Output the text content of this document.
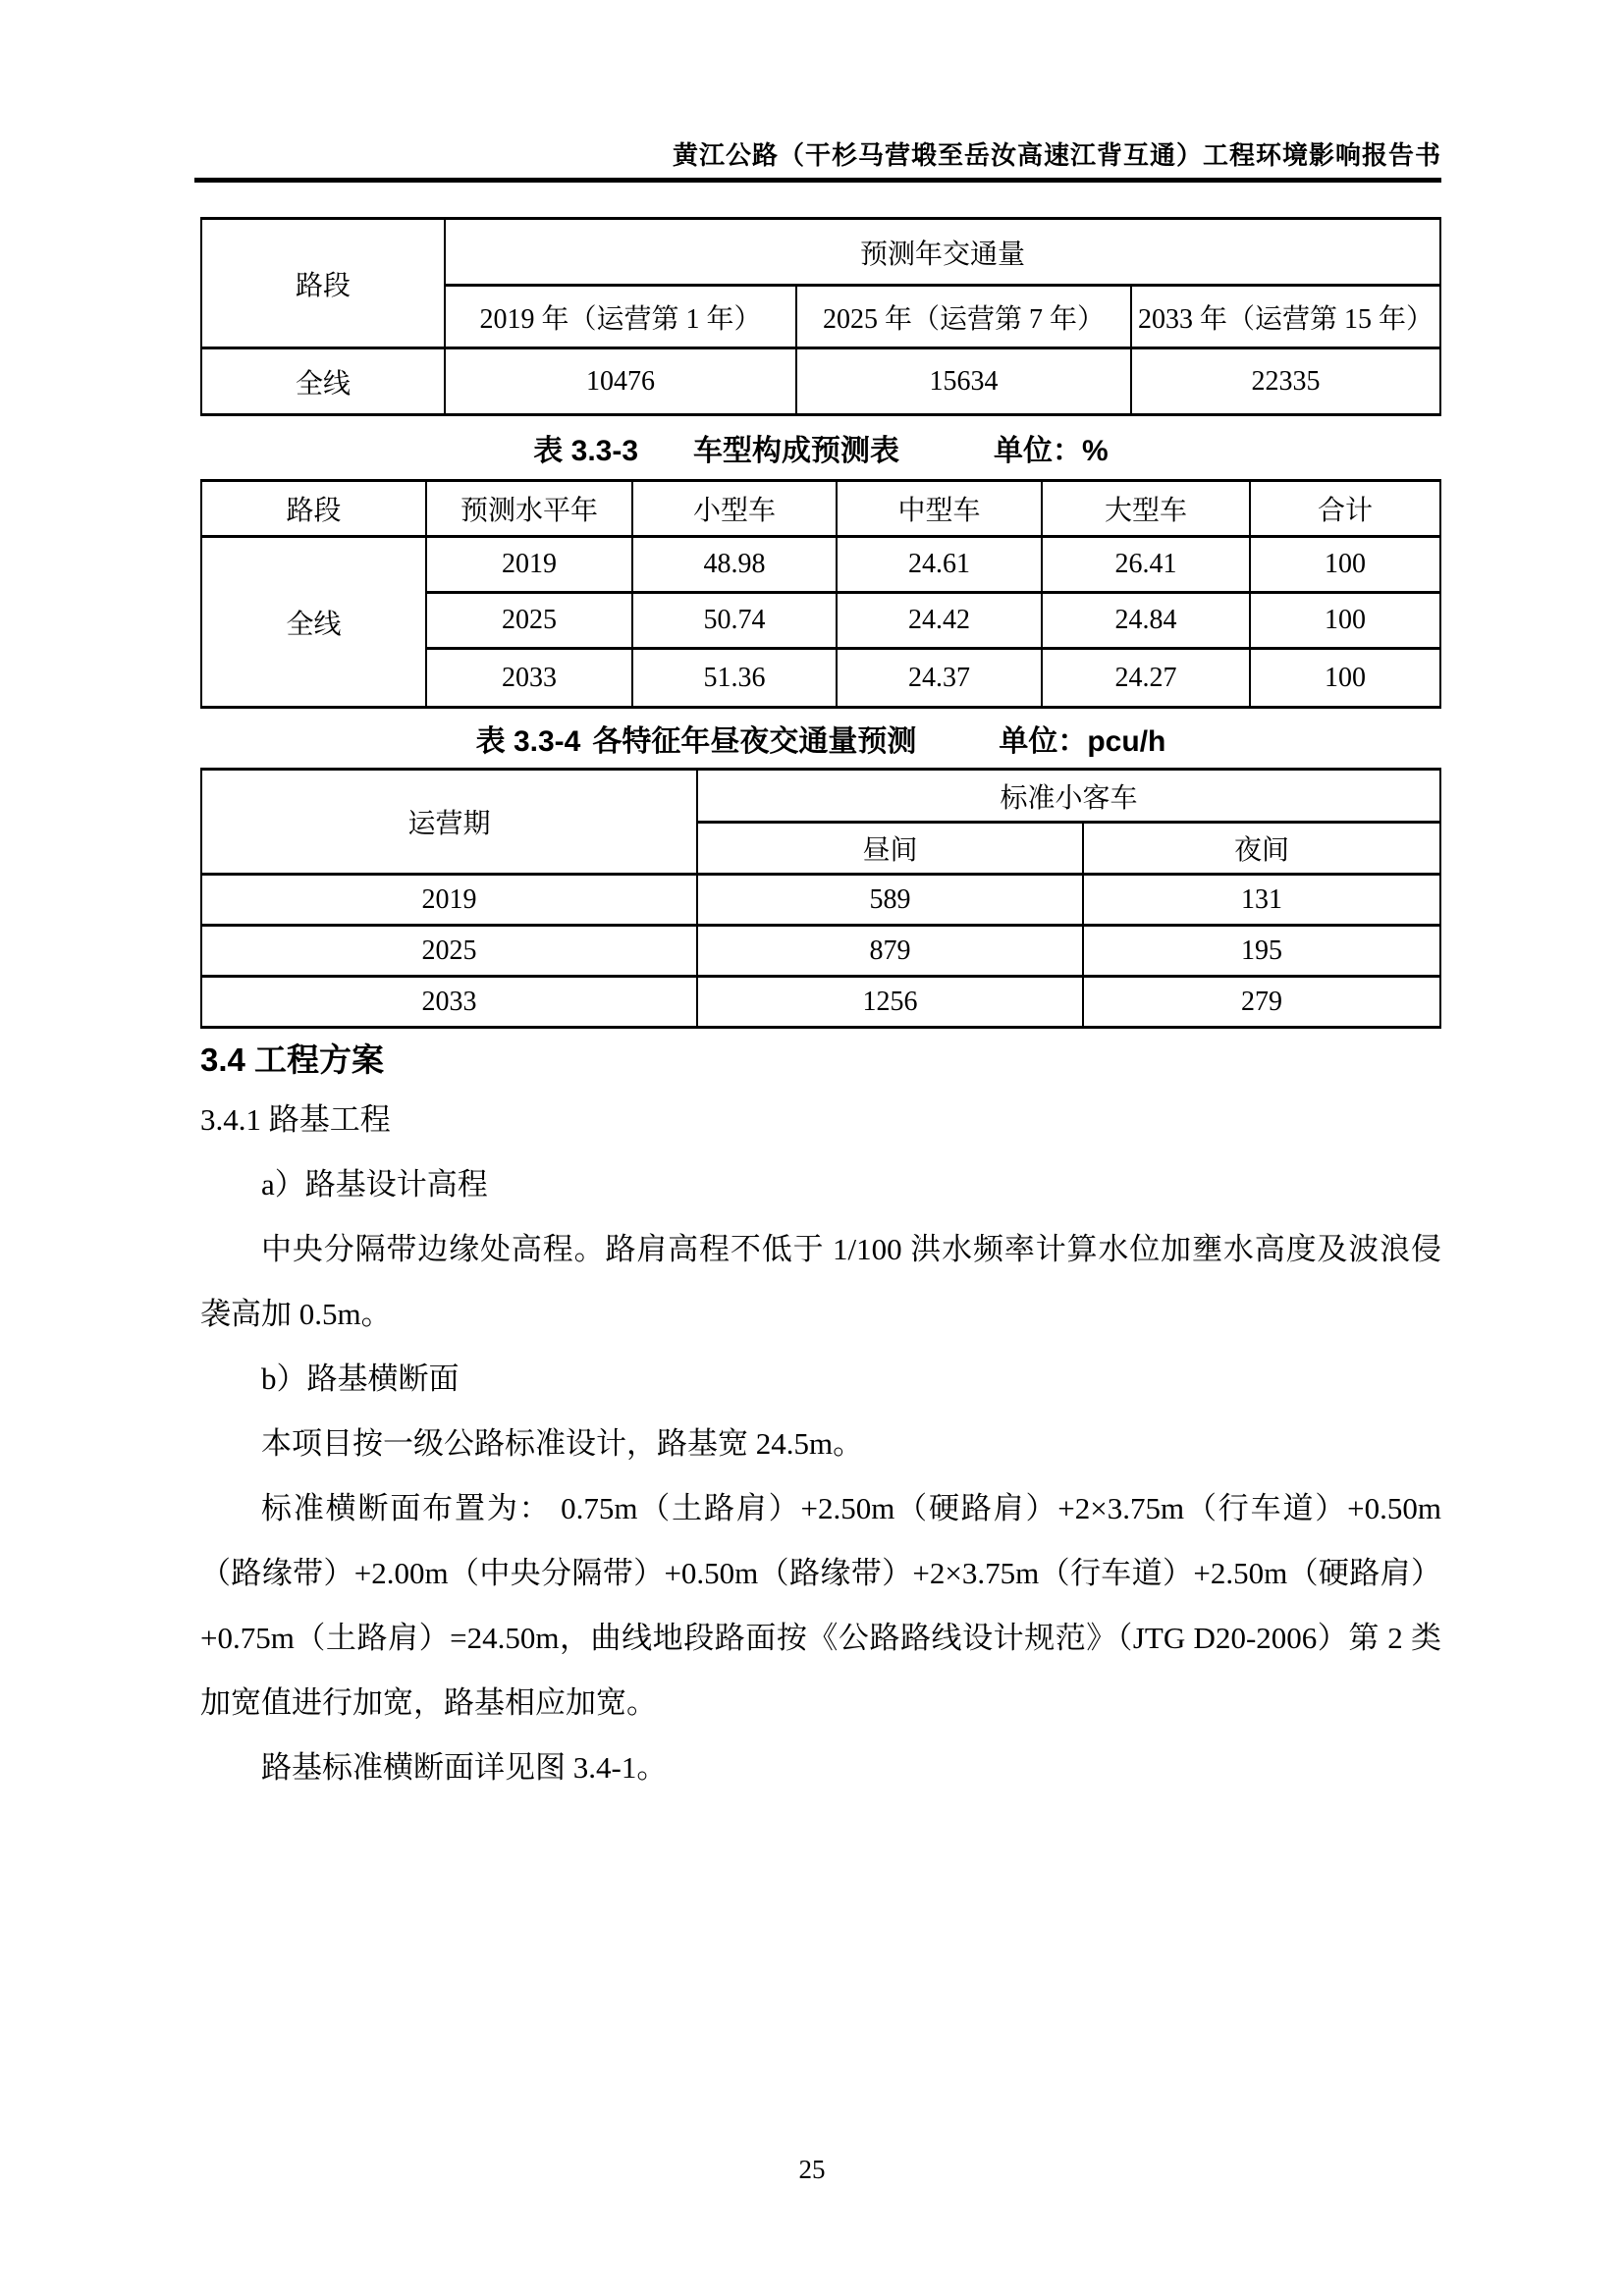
黄江公路（干杉马营塅至岳汝高速江背互通）工程环境影响报告书
路段	预测年交通量		
	2019 年（运营第 1 年）	2025 年（运营第 7 年）	2033 年（运营第 15 年）
全线	10476	15634	22335
表 3.3-3 车型构成预测表	单位：%
路段	预测水平年	小型车	中型车	大型车	合计
全线	2019	48.98	24.61	26.41	100
	2025	50.74	24.42	24.84	100
	2033	51.36	24.37	24.27	100
表 3.3-4 各特征年昼夜交通量预测	单位：pcu/h
运营期	标准小客车	
	昼间	夜间
2019	589	131
2025	879	195
2033	1256	279
3.4 工程方案
3.4.1 路基工程
a）路基设计高程
中央分隔带边缘处高程。路肩高程不低于 1/100 洪水频率计算水位加壅水高度及波浪侵袭高加 0.5m。
b）路基横断面
本项目按一级公路标准设计，路基宽 24.5m。
标准横断面布置为： 0.75m（土路肩）+2.50m（硬路肩）+2×3.75m（行车道）+0.50m（路缘带）+2.00m（中央分隔带）+0.50m（路缘带）+2×3.75m（行车道）+2.50m（硬路肩）+0.75m（土路肩）=24.50m，曲线地段路面按《公路路线设计规范》（JTG D20-2006）第 2 类加宽值进行加宽，路基相应加宽。
路基标准横断面详见图 3.4-1。
25
